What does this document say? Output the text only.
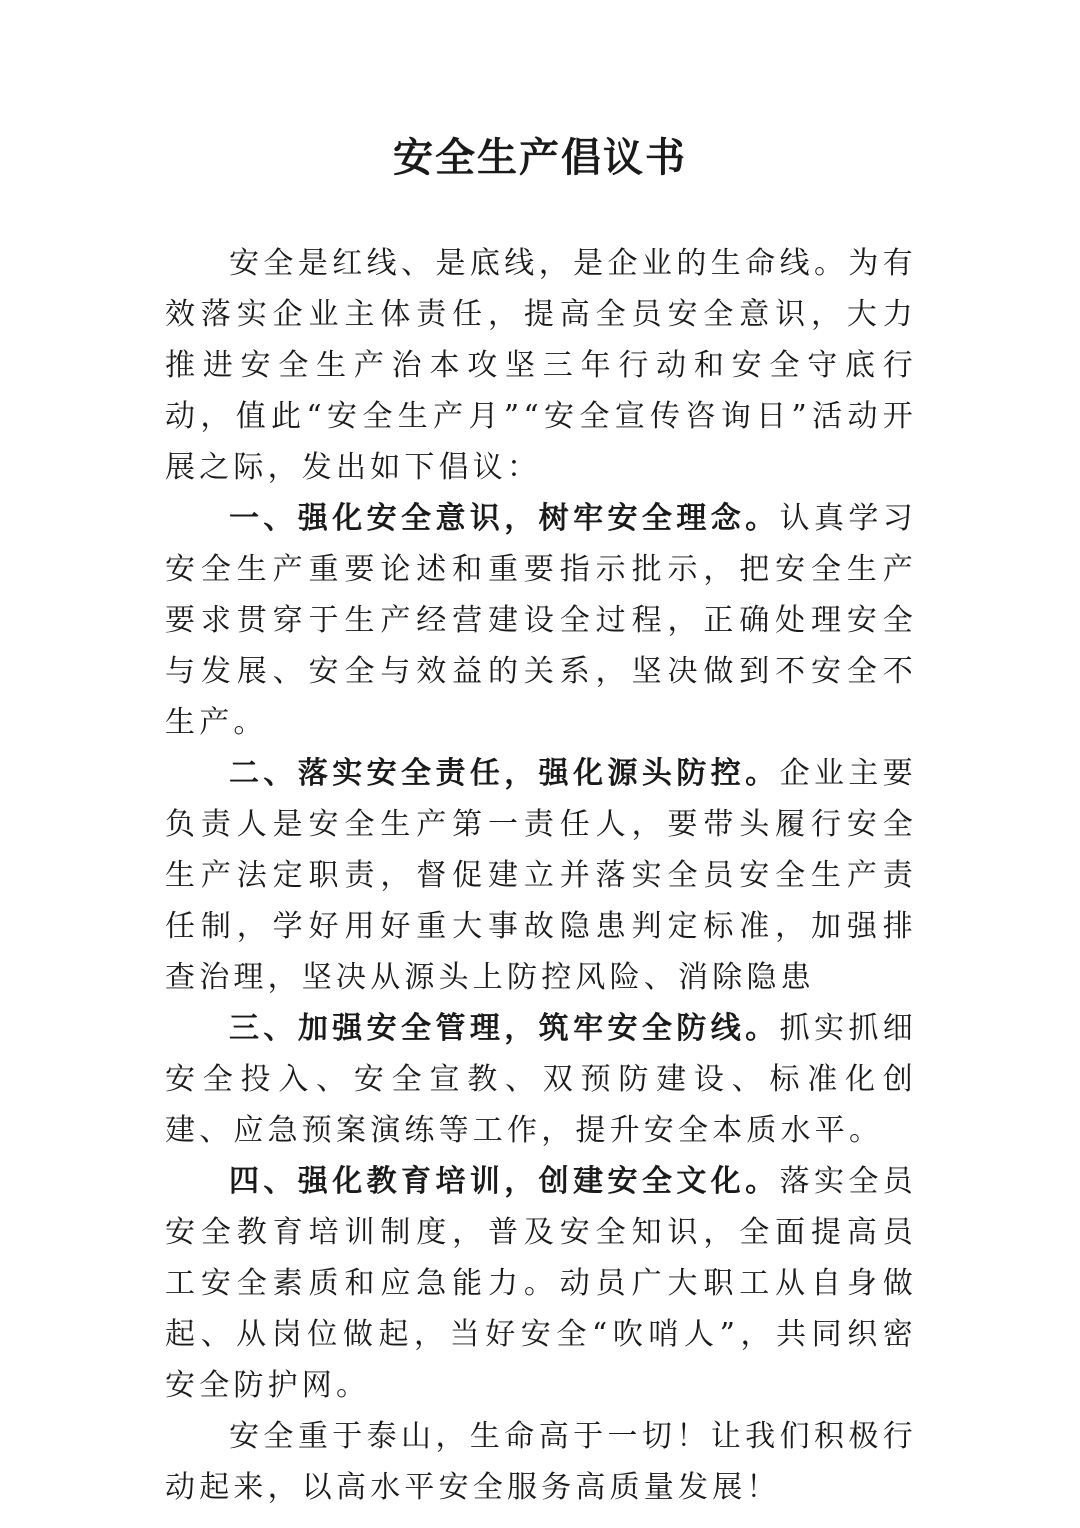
安全生产倡议书

安全是红线、是底线，是企业的生命线。为有效落实企业主体责任，提高全员安全意识，大力推进安全生产治本攻坚三年行动和安全守底行动，值此“安全生产月”“安全宣传咨询日”活动开展之际，发出如下倡议：

一、强化安全意识，树牢安全理念。认真学习安全生产重要论述和重要指示批示，把安全生产要求贯穿于生产经营建设全过程，正确处理安全与发展、安全与效益的关系，坚决做到不安全不生产。

二、落实安全责任，强化源头防控。企业主要负责人是安全生产第一责任人，要带头履行安全生产法定职责，督促建立并落实全员安全生产责任制，学好用好重大事故隐患判定标准，加强排查治理，坚决从源头上防控风险、消除隐患

三、加强安全管理，筑牢安全防线。抓实抓细安全投入、安全宣教、双预防建设、标准化创建、应急预案演练等工作，提升安全本质水平。

四、强化教育培训，创建安全文化。落实全员安全教育培训制度，普及安全知识，全面提高员工安全素质和应急能力。动员广大职工从自身做起、从岗位做起，当好安全“吹哨人”，共同织密安全防护网。

安全重于泰山，生命高于一切！让我们积极行动起来，以高水平安全服务高质量发展！
